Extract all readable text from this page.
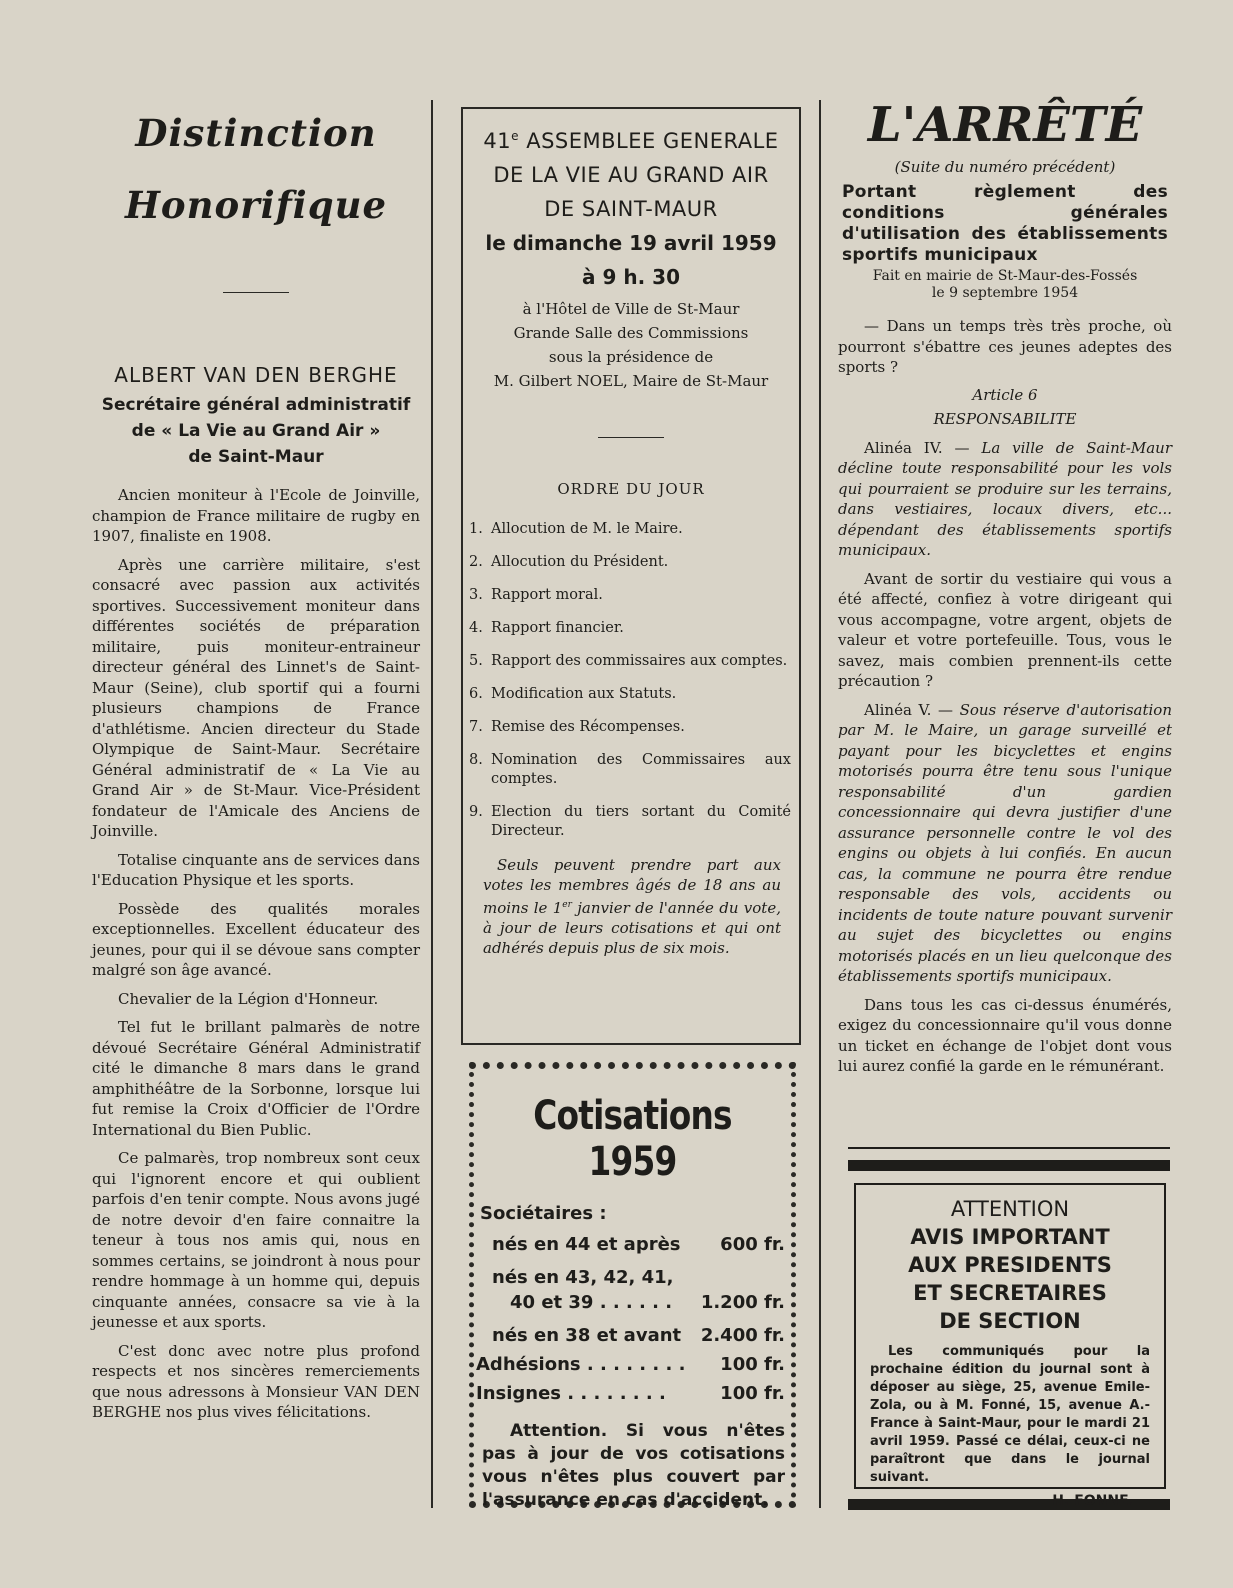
Distinction
Honorifique
ALBERT VAN DEN BERGHE
Secrétaire général administratif
de « La Vie au Grand Air »
de Saint-Maur

Ancien moniteur à l'Ecole de Joinville, champion de France militaire de rugby en 1907, finaliste en 1908.

Après une carrière militaire, s'est consacré avec passion aux activités sportives. Successivement moniteur dans différentes sociétés de préparation militaire, puis moniteur-entraineur directeur général des Linnet's de Saint-Maur (Seine), club sportif qui a fourni plusieurs champions de France d'athlétisme. Ancien directeur du Stade Olympique de Saint-Maur. Secrétaire Général administratif de « La Vie au Grand Air » de St-Maur. Vice-Président fondateur de l'Amicale des Anciens de Joinville.

Totalise cinquante ans de services dans l'Education Physique et les sports.

Possède des qualités morales exceptionnelles. Excellent éducateur des jeunes, pour qui il se dévoue sans compter malgré son âge avancé.

Chevalier de la Légion d'Honneur.

Tel fut le brillant palmarès de notre dévoué Secrétaire Général Administratif cité le dimanche 8 mars dans le grand amphithéâtre de la Sorbonne, lorsque lui fut remise la Croix d'Officier de l'Ordre International du Bien Public.

Ce palmarès, trop nombreux sont ceux qui l'ignorent encore et qui oublient parfois d'en tenir compte. Nous avons jugé de notre devoir d'en faire connaitre la teneur à tous nos amis qui, nous en sommes certains, se joindront à nous pour rendre hommage à un homme qui, depuis cinquante années, consacre sa vie à la jeunesse et aux sports.

C'est donc avec notre plus profond respects et nos sincères remerciements que nous adressons à Monsieur VAN DEN BERGHE nos plus vives félicitations.

41e ASSEMBLEE GENERALE
DE LA VIE AU GRAND AIR
DE SAINT-MAUR
le dimanche 19 avril 1959
à 9 h. 30
à l'Hôtel de Ville de St-Maur
Grande Salle des Commissions
sous la présidence de
M. Gilbert NOEL, Maire de St-Maur
ORDRE DU JOUR
1. Allocution de M. le Maire.
2. Allocution du Président.
3. Rapport moral.
4. Rapport financier.
5. Rapport des commissaires aux comptes.
6. Modification aux Statuts.
7. Remise des Récompenses.
8. Nomination des Commissaires aux comptes.
9. Election du tiers sortant du Comité Directeur.

Seuls peuvent prendre part aux votes les membres âgés de 18 ans au moins le 1er janvier de l'année du vote, à jour de leurs cotisations et qui ont adhérés depuis plus de six mois.

Cotisations 1959
Sociétaires :
nés en 44 et après 600 fr.
nés en 43, 42, 41,
40 et 39 . . . . . . 1.200 fr.
nés en 38 et avant 2.400 fr.
Adhésions . . . . . . . . 100 fr.
Insignes . . . . . . . .	100 fr.

Attention. Si vous n'êtes pas à jour de vos cotisations vous n'êtes plus couvert par l'assurance en cas d'accident.

L'ARRÊTÉ
(Suite du numéro précédent)

Portant règlement des conditions générales d'utilisation des établissements sportifs municipaux

Fait en mairie de St-Maur-des-Fossés
le 9 septembre 1954

— Dans un temps très très proche, où pourront s'ébattre ces jeunes adeptes des sports ?

Article 6
RESPONSABILITE

Alinéa IV. — La ville de Saint-Maur décline toute responsabilité pour les vols qui pourraient se produire sur les terrains, dans vestiaires, locaux divers, etc... dépendant des établissements sportifs municipaux.

Avant de sortir du vestiaire qui vous a été affecté, confiez à votre dirigeant qui vous accompagne, votre argent, objets de valeur et votre portefeuille. Tous, vous le savez, mais combien prennent-ils cette précaution ?

Alinéa V. — Sous réserve d'autorisation par M. le Maire, un garage surveillé et payant pour les bicyclettes et engins motorisés pourra être tenu sous l'unique responsabilité d'un gardien concessionnaire qui devra justifier d'une assurance personnelle contre le vol des engins ou objets à lui confiés. En aucun cas, la commune ne pourra être rendue responsable des vols, accidents ou incidents de toute nature pouvant survenir au sujet des bicyclettes ou engins motorisés placés en un lieu quelconque des établissements sportifs municipaux.

Dans tous les cas ci-dessus énumérés, exigez du concessionnaire qu'il vous donne un ticket en échange de l'objet dont vous lui aurez confié la garde en le rémunérant.

ATTENTION
AVIS IMPORTANT
AUX PRESIDENTS
ET SECRETAIRES
DE SECTION

Les communiqués pour la prochaine édition du journal sont à déposer au siège, 25, avenue Emile-Zola, ou à M. Fonné, 15, avenue A.-France à Saint-Maur, pour le mardi 21 avril 1959. Passé ce délai, ceux-ci ne paraîtront que dans le journal suivant.

H. FONNE.
